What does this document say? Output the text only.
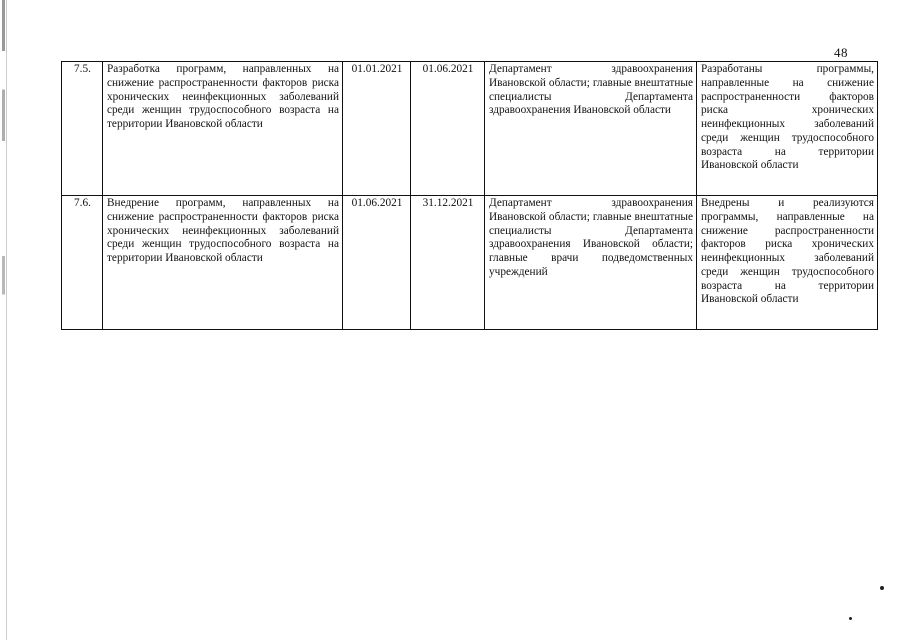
48
7.5.	Разработка программ, направленных на снижение распространенности факторов риска хронических неинфекционных заболеваний среди женщин трудоспособного возраста на территории Ивановской области	01.01.2021	01.06.2021	Департамент здравоохранения Ивановской области; главные внештатные специалисты Департамента здравоохранения Ивановской области	Разработаны программы, направленные на снижение распространенности факторов риска хронических неинфекционных заболеваний среди женщин трудоспособного возраста на территории Ивановской области
7.6.	Внедрение программ, направленных на снижение распространенности факторов риска хронических неинфекционных заболеваний среди женщин трудоспособного возраста на территории Ивановской области	01.06.2021	31.12.2021	Департамент здравоохранения Ивановской области; главные внештатные специалисты Департамента здравоохранения Ивановской области; главные врачи подведомственных учреждений	Внедрены и реализуются программы, направленные на снижение распространенности факторов риска хронических неинфекционных заболеваний среди женщин трудоспособного возраста на территории Ивановской области
